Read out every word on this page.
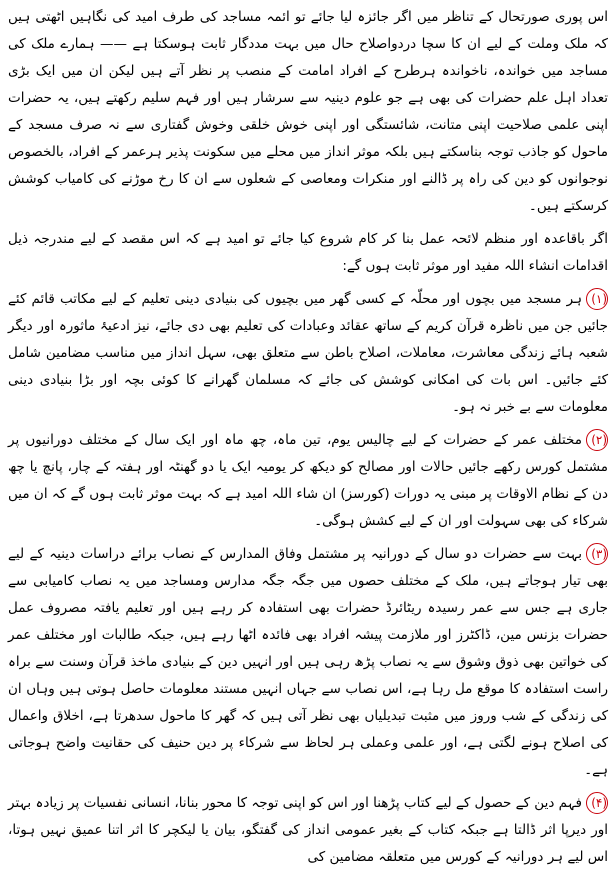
اس پوری صورتحال کے تناظر میں اگر جائزہ لیا جائے تو ائمہ مساجد کی طرف امید کی نگاہیں اٹھتی ہیں کہ ملک وملت کے لیے ان کا سچا دردواصلاح حال میں بہت مددگار ثابت ہوسکتا ہے —— ہمارے ملک کی مساجد میں خواندہ، ناخواندہ ہرطرح کے افراد امامت کے منصب پر نظر آتے ہیں لیکن ان میں ایک بڑی تعداد اہل علم حضرات کی بھی ہے جو علوم دینیہ سے سرشار ہیں اور فہم سلیم رکھتے ہیں، یہ حضرات اپنی علمی صلاحیت اپنی متانت، شائستگی اور اپنی خوش خلقی وخوش گفتاری سے نہ صرف مسجد کے ماحول کو جاذب توجہ بناسکتے ہیں بلکہ موثر انداز میں محلے میں سکونت پذیر ہرعمر کے افراد، بالخصوص نوجوانوں کو دین کی راہ پر ڈالنے اور منکرات ومعاصی کے شعلوں سے ان کا رخ موڑنے کی کامیاب کوشش کرسکتے ہیں۔

اگر باقاعدہ اور منظم لائحہ عمل بنا کر کام شروع کیا جائے تو امید ہے کہ اس مقصد کے لیے مندرجہ ذیل اقدامات انشاء اللہ مفید اور موثر ثابت ہوں گے:

(۱)ہر مسجد میں بچوں اور محلّہ کے کسی گھر میں بچیوں کی بنیادی دینی تعلیم کے لیے مکاتب قائم کئے جائیں جن میں ناظرہ قرآن کریم کے ساتھ عقائد وعبادات کی تعلیم بھی دی جائے، نیز ادعیۂ ماثورہ اور دیگر شعبہ ہائے زندگی معاشرت، معاملات، اصلاح باطن سے متعلق بھی، سہل انداز میں مناسب مضامین شامل کئے جائیں۔ اس بات کی امکانی کوشش کی جائے کہ مسلمان گھرانے کا کوئی بچہ اور بڑا بنیادی دینی معلومات سے بے خبر نہ ہو۔

(۲)مختلف عمر کے حضرات کے لیے چالیس یوم، تین ماہ، چھ ماہ اور ایک سال کے مختلف دورانیوں پر مشتمل کورس رکھے جائیں حالات اور مصالح کو دیکھ کر یومیہ ایک یا دو گھنٹہ اور ہفتہ کے چار، پانچ یا چھ دن کے نظام الاوقات پر مبنی یہ دورات (کورسز) ان شاء اللہ امید ہے کہ بہت موثر ثابت ہوں گے کہ ان میں شرکاء کی بھی سہولت اور ان کے لیے کشش ہوگی۔

(۳)بہت سے حضرات دو سال کے دورانیہ پر مشتمل وفاق المدارس کے نصاب برائے دراسات دینیہ کے لیے بھی تیار ہوجاتے ہیں، ملک کے مختلف حصوں میں جگہ جگہ مدارس ومساجد میں یہ نصاب کامیابی سے جاری ہے جس سے عمر رسیدہ ریٹائرڈ حضرات بھی استفادہ کر رہے ہیں اور تعلیم یافتہ مصروف عمل حضرات بزنس مین، ڈاکٹرز اور ملازمت پیشہ افراد بھی فائدہ اٹھا رہے ہیں، جبکہ طالبات اور مختلف عمر کی خواتین بھی ذوق وشوق سے یہ نصاب پڑھ رہی ہیں اور انہیں دین کے بنیادی ماخذ قرآن وسنت سے براہ راست استفادہ کا موقع مل رہا ہے، اس نصاب سے جہاں انہیں مستند معلومات حاصل ہوتی ہیں وہاں ان کی زندگی کے شب وروز میں مثبت تبدیلیاں بھی نظر آتی ہیں کہ گھر کا ماحول سدھرتا ہے، اخلاق واعمال کی اصلاح ہونے لگتی ہے، اور علمی وعملی ہر لحاظ سے شرکاء پر دین حنیف کی حقانیت واضح ہوجاتی ہے۔

(۴)فہم دین کے حصول کے لیے کتاب پڑھنا اور اس کو اپنی توجہ کا محور بنانا، انسانی نفسیات پر زیادہ بہتر اور دیرپا اثر ڈالتا ہے جبکہ کتاب کے بغیر عمومی انداز کی گفتگو، بیان یا لیکچر کا اثر اتنا عمیق نہیں ہوتا، اس لیے ہر دورانیہ کے کورس میں متعلقہ مضامین کی
